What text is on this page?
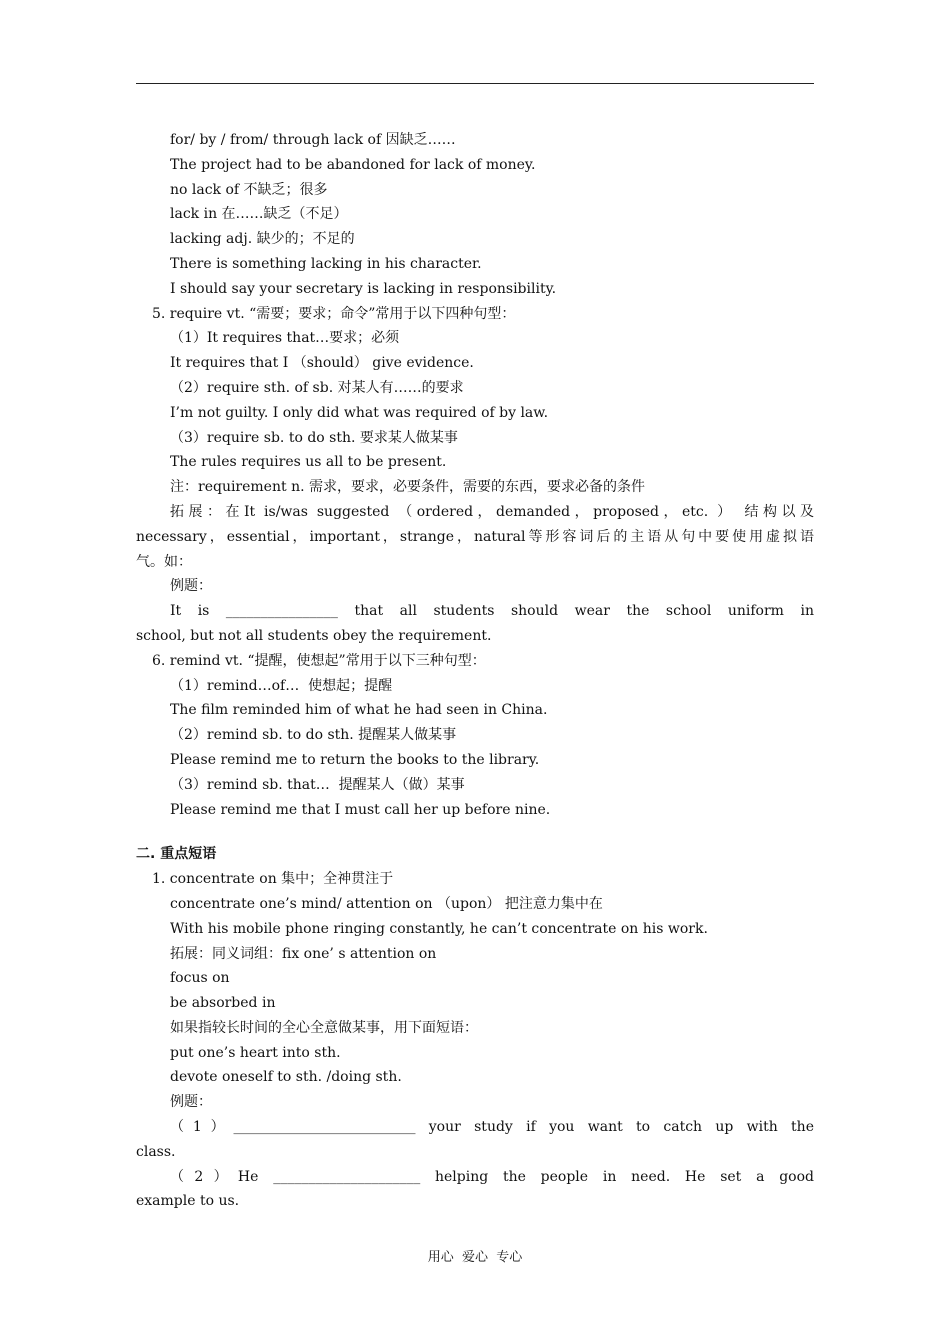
for/ by / from/ through lack of 因缺乏……
The project had to be abandoned for lack of money.
no lack of 不缺乏；很多
lack in 在……缺乏（不足）
lacking adj. 缺少的；不足的
There is something lacking in his character.
I should say your secretary is lacking in responsibility.
5. require vt. “需要；要求；命令”常用于以下四种句型：
（1）It requires that…要求；必须
It requires that I （should） give evidence.
（2）require sth. of sb. 对某人有……的要求
I’m not guilty. I only did what was required of by law.
（3）require sb. to do sth. 要求某人做某事
The rules requires us all to be present.
注：requirement n. 需求，要求，必要条件，需要的东西，要求必备的条件
拓展：在It is/was suggested （ordered，demanded，proposed，etc. ） 结构以及
necessary，essential，important，strange，natural等形容词后的主语从句中要使用虚拟语
气。如：
例题：
It is ________________ that all students should wear the school uniform in
school, but not all students obey the requirement.
6. remind vt. “提醒，使想起”常用于以下三种句型：
（1）remind…of…  使想起；提醒
The film reminded him of what he had seen in China.
（2）remind sb. to do sth. 提醒某人做某事
Please remind me to return the books to the library.
（3）remind sb. that…  提醒某人（做）某事
Please remind me that I must call her up before nine.
二. 重点短语
1. concentrate on 集中；全神贯注于
concentrate one’s mind/ attention on （upon） 把注意力集中在
With his mobile phone ringing constantly, he can’t concentrate on his work.
拓展：同义词组：fix one’ s attention on
focus on
be absorbed in
如果指较长时间的全心全意做某事，用下面短语：
put one’s heart into sth.
devote oneself to sth. /doing sth.
例题：
（1）__________________________ your study if you want to catch up with the
class.
（2）He _____________________ helping the people in need. He set a good
example to us.
用心  爱心  专心
